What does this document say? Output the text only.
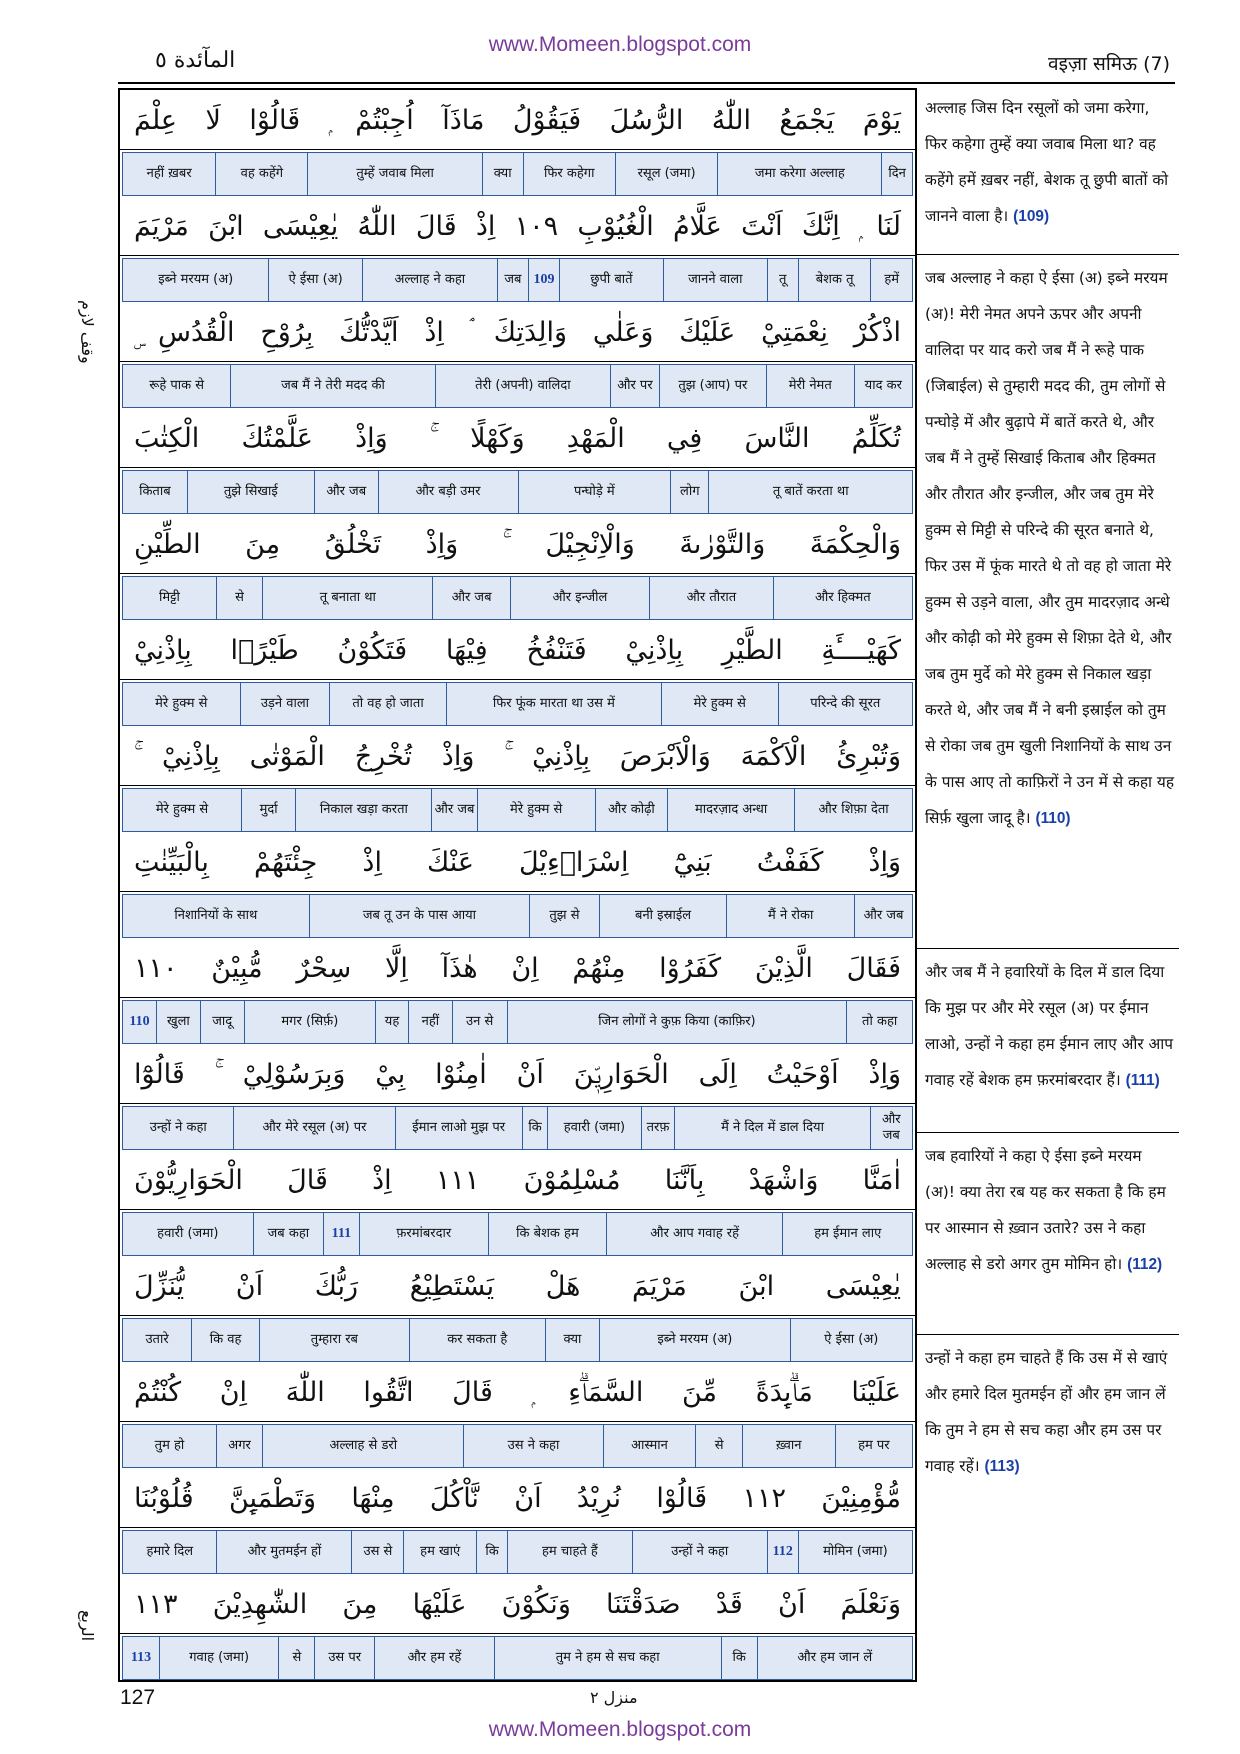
www.Momeen.blogspot.com
المآئدة ٥	वइज़ा समिऊ (7)
وقف لازم
الربع
يَوْمَ يَجْمَعُ اللّٰهُ الرُّسُلَ فَيَقُوْلُ مَاذَآ اُجِبْتُمْ ۭ قَالُوْا لَا عِلْمَ
दिन
जमा करेगा अल्लाह
रसूल (जमा)
फिर कहेगा
क्या
तुम्हें जवाब मिला
वह कहेंगे
नहीं ख़बर
لَنَا ۭ اِنَّكَ اَنْتَ عَلَّامُ الْغُيُوْبِ ١٠٩ اِذْ قَالَ اللّٰهُ يٰعِيْسَى ابْنَ مَرْيَمَ
हमें
बेशक तू
तू
जानने वाला
छुपी बातें
109
जब
अल्लाह ने कहा
ऐ ईसा (अ)
इब्ने मरयम (अ)
اذْكُرْ نِعْمَتِيْ عَلَيْكَ وَعَلٰي وَالِدَتِكَ ۘ اِذْ اَيَّدْتُّكَ بِرُوْحِ الْقُدُسِ ۣ
याद कर
मेरी नेमत
तुझ (आप) पर
और पर
तेरी (अपनी) वालिदा
जब मैं ने तेरी मदद की
रूहे पाक से
تُكَلِّمُ النَّاسَ فِي الْمَهْدِ وَكَهْلًا ۚ وَاِذْ عَلَّمْتُكَ الْكِتٰبَ
तू बातें करता था
लोग
पन्घोड़े में
और बड़ी उमर
और जब
तुझे सिखाई
किताब
وَالْحِكْمَةَ وَالتَّوْرٰىةَ وَالْاِنْجِيْلَ ۚ وَاِذْ تَخْلُقُ مِنَ الطِّيْنِ
और हिक्मत
और तौरात
और इन्जील
और जब
तू बनाता था
से
मिट्टी
كَهَيْــــَٔةِ الطَّيْرِ بِاِذْنِيْ فَتَنْفُخُ فِيْهَا فَتَكُوْنُ طَيْرًۢا بِاِذْنِيْ
परिन्दे की सूरत
मेरे हुक्म से
फिर फूंक मारता था उस में
तो वह हो जाता
उड़ने वाला
मेरे हुक्म से
وَتُبْرِئُ الْاَكْمَهَ وَالْاَبْرَصَ بِاِذْنِيْ ۚ وَاِذْ تُخْرِجُ الْمَوْتٰى بِاِذْنِيْ ۚ
और शिफ़ा देता
मादरज़ाद अन्धा
और कोढ़ी
मेरे हुक्म से
और जब
निकाल खड़ा करता
मुर्दा
मेरे हुक्म से
وَاِذْ كَفَفْتُ بَنِيْٓ اِسْرَاۗءِيْلَ عَنْكَ اِذْ جِئْتَهُمْ بِالْبَيِّنٰتِ
और जब
मैं ने रोका
बनी इस्राईल
तुझ से
जब तू उन के पास आया
निशानियों के साथ
فَقَالَ الَّذِيْنَ كَفَرُوْا مِنْهُمْ اِنْ هٰذَآ اِلَّا سِحْرٌ مُّبِيْنٌ ١١٠
तो कहा
जिन लोगों ने कुफ़ किया (काफ़िर)
उन से
नहीं
यह
मगर (सिर्फ़)
जादू
खुला
110
وَاِذْ اَوْحَيْتُ اِلَى الْحَوَارِيّٖنَ اَنْ اٰمِنُوْا بِيْ وَبِرَسُوْلِيْ ۚ قَالُوْٓا
और जब
मैं ने दिल में डाल दिया
तरफ़
हवारी (जमा)
कि
ईमान लाओ मुझ पर
और मेरे रसूल (अ) पर
उन्हों ने कहा
اٰمَنَّا وَاشْهَدْ بِاَنَّنَا مُسْلِمُوْنَ ١١١ اِذْ قَالَ الْحَوَارِيُّوْنَ
हम ईमान लाए
और आप गवाह रहें
कि बेशक हम
फ़रमांबरदार
111
जब कहा
हवारी (जमा)
يٰعِيْسَى ابْنَ مَرْيَمَ هَلْ يَسْتَطِيْعُ رَبُّكَ اَنْ يُّنَزِّلَ
ऐ ईसा (अ)
इब्ने मरयम (अ)
क्या
कर सकता है
तुम्हारा रब
कि वह
उतारे
عَلَيْنَا مَاۗىِٕدَةً مِّنَ السَّمَاۗءِ ۭ قَالَ اتَّقُوا اللّٰهَ اِنْ كُنْتُمْ
हम पर
ख़्वान
से
आस्मान
उस ने कहा
अल्लाह से डरो
अगर
तुम हो
مُّؤْمِنِيْنَ ١١٢ قَالُوْا نُرِيْدُ اَنْ نَّاْكُلَ مِنْهَا وَتَطْمَىِٕنَّ قُلُوْبُنَا
मोमिन (जमा)
112
उन्हों ने कहा
हम चाहते हैं
कि
हम खाएं
उस से
और मुतमईन हों
हमारे दिल
وَنَعْلَمَ اَنْ قَدْ صَدَقْتَنَا وَنَكُوْنَ عَلَيْهَا مِنَ الشّٰهِدِيْنَ ١١٣
और हम जान लें
कि
तुम ने हम से सच कहा
और हम रहें
उस पर
से
गवाह (जमा)
113
अल्लाह जिस दिन रसूलों को जमा करेगा, फिर कहेगा तुम्हें क्या जवाब मिला था? वह कहेंगे हमें ख़बर नहीं, बेशक तू छुपी बातों को जानने वाला है। (109)
जब अल्लाह ने कहा ऐ ईसा (अ) इब्ने मरयम (अ)! मेरी नेमत अपने ऊपर और अपनी वालिदा पर याद करो जब मैं ने रूहे पाक (जिबाईल) से तुम्हारी मदद की, तुम लोगों से पन्घोड़े में और बुढ़ापे में बातें करते थे, और जब मैं ने तुम्हें सिखाई किताब और हिक्मत और तौरात और इन्जील, और जब तुम मेरे हुक्म से मिट्टी से परिन्दे की सूरत बनाते थे, फिर उस में फूंक मारते थे तो वह हो जाता मेरे हुक्म से उड़ने वाला, और तुम मादरज़ाद अन्धे और कोढ़ी को मेरे हुक्म से शिफ़ा देते थे, और जब तुम मुर्दे को मेरे हुक्म से निकाल खड़ा करते थे, और जब मैं ने बनी इस्राईल को तुम से रोका जब तुम खुली निशानियों के साथ उन के पास आए तो काफ़िरों ने उन में से कहा यह सिर्फ़ खुला जादू है। (110)
और जब मैं ने हवारियों के दिल में डाल दिया कि मुझ पर और मेरे रसूल (अ) पर ईमान लाओ, उन्हों ने कहा हम ईमान लाए और आप गवाह रहें बेशक हम फ़रमांबरदार हैं। (111)
जब हवारियों ने कहा ऐ ईसा इब्ने मरयम (अ)! क्या तेरा रब यह कर सकता है कि हम पर आस्मान से ख़्वान उतारे? उस ने कहा अल्लाह से डरो अगर तुम मोमिन हो। (112)
उन्हों ने कहा हम चाहते हैं कि उस में से खाएं और हमारे दिल मुतमईन हों और हम जान लें कि तुम ने हम से सच कहा और हम उस पर गवाह रहें। (113)
127	منزل ٢
www.Momeen.blogspot.com
